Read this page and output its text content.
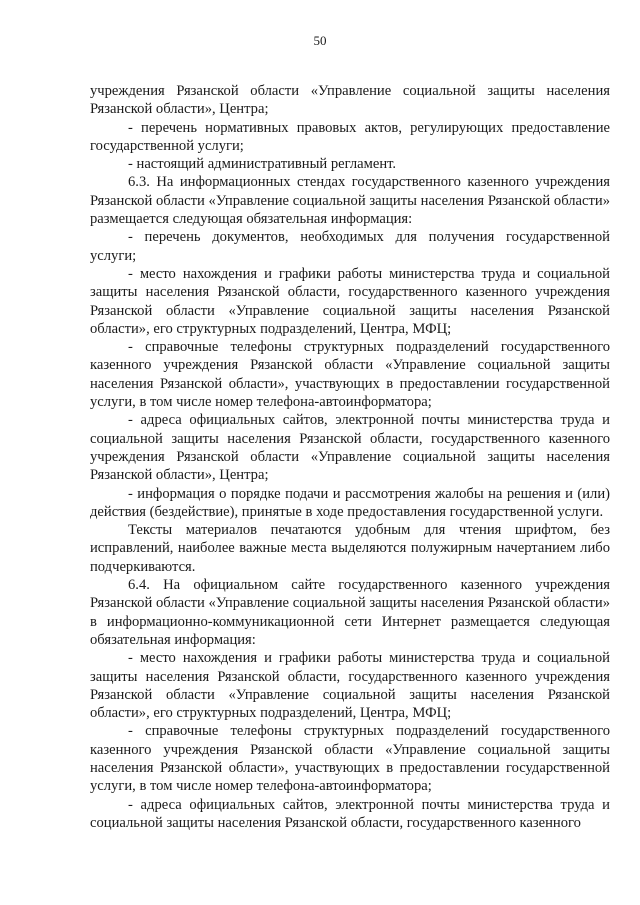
50

учреждения Рязанской области «Управление социальной защиты населения Рязанской области», Центра;

- перечень нормативных правовых актов, регулирующих предоставление государственной услуги;

- настоящий административный регламент.

6.3. На информационных стендах государственного казенного учреждения Рязанской области «Управление социальной защиты населения Рязанской области» размещается следующая обязательная информация:

- перечень документов, необходимых для получения государственной услуги;

- место нахождения и графики работы министерства труда и социальной защиты населения Рязанской области, государственного казенного учреждения Рязанской области «Управление социальной защиты населения Рязанской области», его структурных подразделений, Центра, МФЦ;

- справочные телефоны структурных подразделений государственного казенного учреждения Рязанской области «Управление социальной защиты населения Рязанской области», участвующих в предоставлении государственной услуги, в том числе номер телефона-автоинформатора;

- адреса официальных сайтов, электронной почты министерства труда и социальной защиты населения Рязанской области, государственного казенного учреждения Рязанской области «Управление социальной защиты населения Рязанской области», Центра;

- информация о порядке подачи и рассмотрения жалобы на решения и (или) действия (бездействие), принятые в ходе предоставления государственной услуги.

Тексты материалов печатаются удобным для чтения шрифтом, без исправлений, наиболее важные места выделяются полужирным начертанием либо подчеркиваются.

6.4. На официальном сайте государственного казенного учреждения Рязанской области «Управление социальной защиты населения Рязанской области» в информационно-коммуникационной сети Интернет размещается следующая обязательная информация:

- место нахождения и графики работы министерства труда и социальной защиты населения Рязанской области, государственного казенного учреждения Рязанской области «Управление социальной защиты населения Рязанской области», его структурных подразделений, Центра, МФЦ;

- справочные телефоны структурных подразделений государственного казенного учреждения Рязанской области «Управление социальной защиты населения Рязанской области», участвующих в предоставлении государственной услуги, в том числе номер телефона-автоинформатора;

- адреса официальных сайтов, электронной почты министерства труда и социальной защиты населения Рязанской области, государственного казенного
